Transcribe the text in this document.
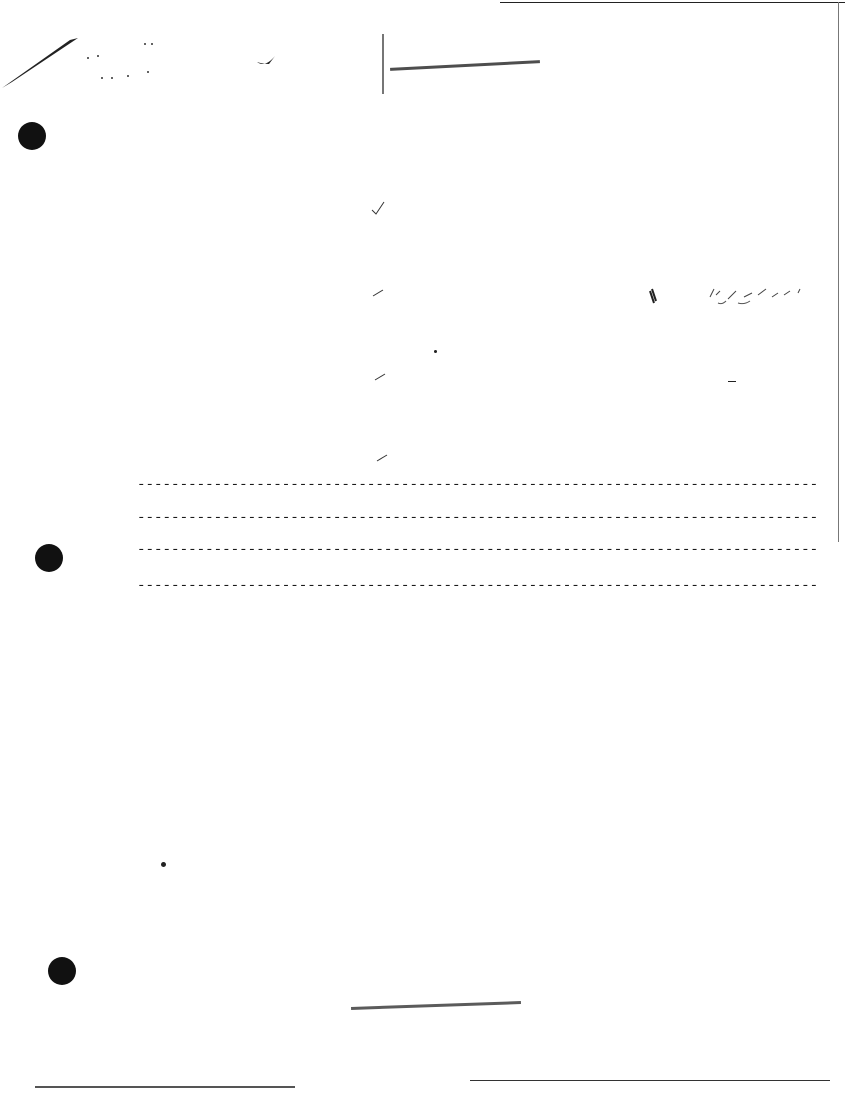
--------------------------------------------------------------------------------
--------------------------------------------------------------------------------
--------------------------------------------------------------------------------
--------------------------------------------------------------------------------
